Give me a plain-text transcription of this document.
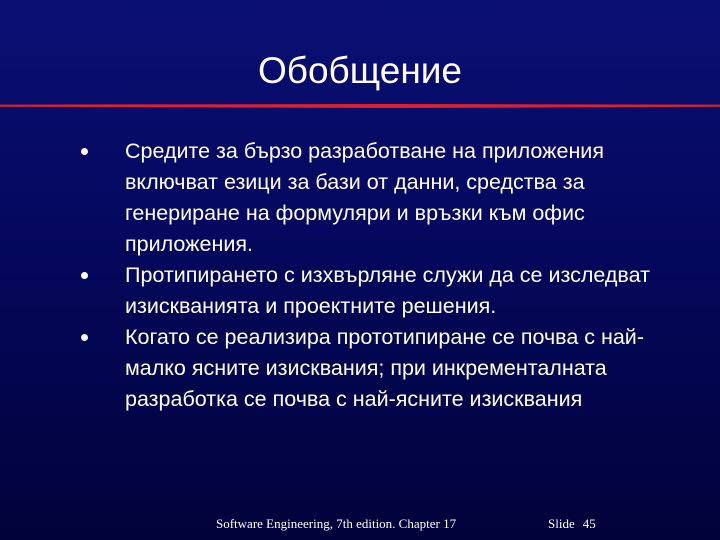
Обобщение
Средите за бързо разработване на приложения включват езици за бази от данни, средства за генериране на формуляри и връзки към офис приложения.
Протипирането с изхвърляне служи да се изследват изискванията и проектните решения.
Когато се реализира прототипиране се почва с най-малко ясните изисквания; при инкременталната разработка се почва с най-ясните изисквания
Software Engineering, 7th edition. Chapter 17	Slide 45
